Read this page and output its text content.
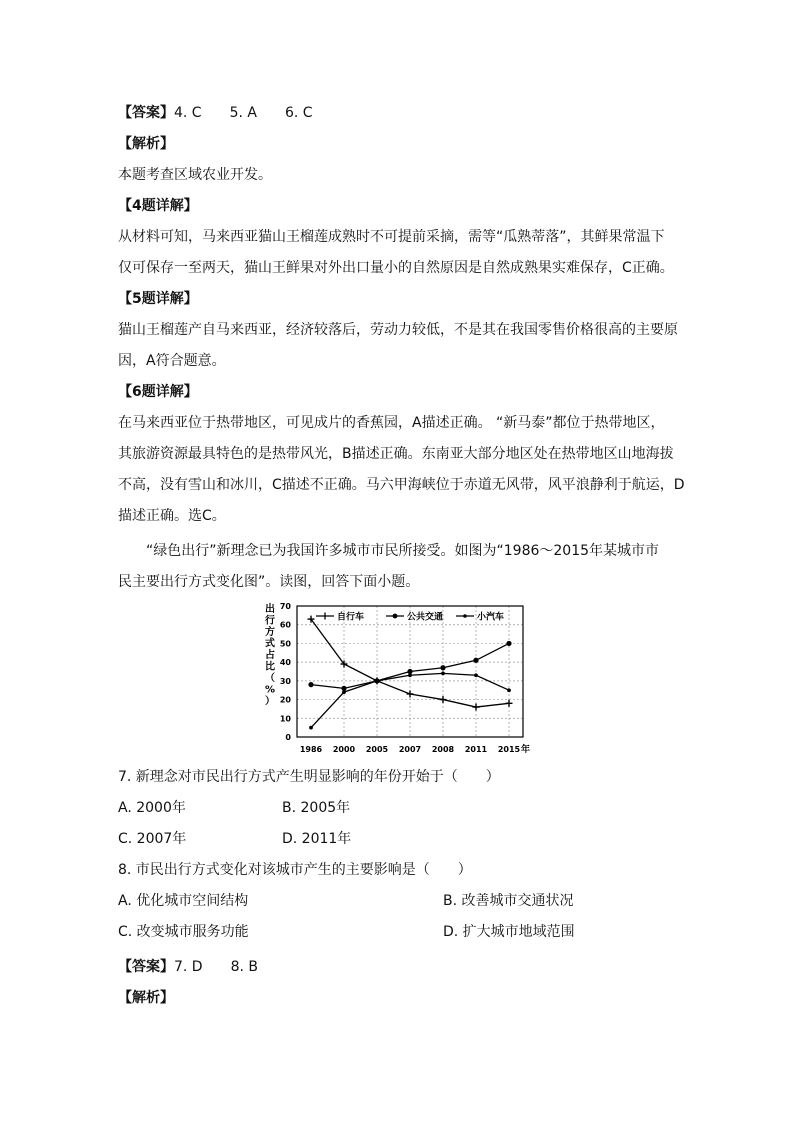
【答案】4. C　　5. A　　6. C
【解析】
本题考查区域农业开发。
【4题详解】
从材料可知，马来西亚猫山王榴莲成熟时不可提前采摘，需等“瓜熟蒂落”，其鲜果常温下
仅可保存一至两天，猫山王鲜果对外出口量小的自然原因是自然成熟果实难保存，C正确。
【5题详解】
猫山王榴莲产自马来西亚，经济较落后，劳动力较低，不是其在我国零售价格很高的主要原
因，A符合题意。
【6题详解】
在马来西亚位于热带地区，可见成片的香蕉园，A描述正确。 “新马泰”都位于热带地区，
其旅游资源最具特色的是热带风光，B描述正确。东南亚大部分地区处在热带地区山地海拔
不高，没有雪山和冰川，C描述不正确。马六甲海峡位于赤道无风带，风平浪静利于航运，D
描述正确。选C。
“绿色出行”新理念已为我国许多城市市民所接受。如图为“1986～2015年某城市市
民主要出行方式变化图”。读图，回答下面小题。
0
10
20
30
40
50
60
70
1986 2000 2005 2007 2008 2011 2015
出
行
方
式
占
比
（
%
）
年
自行车	公共交通	小汽车
7. 新理念对市民出行方式产生明显影响的年份开始于（　　）
A. 2000年	B. 2005年
C. 2007年	D. 2011年
8. 市民出行方式变化对该城市产生的主要影响是（　　）
A. 优化城市空间结构	B. 改善城市交通状况
C. 改变城市服务功能	D. 扩大城市地域范围
【答案】7. D　　8. B
【解析】
